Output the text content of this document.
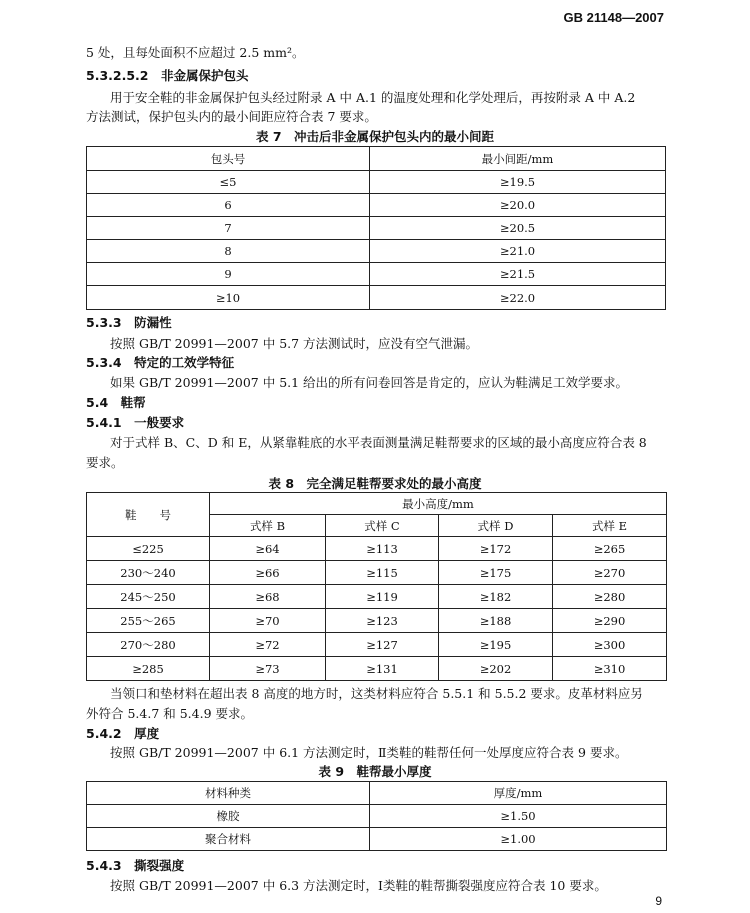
GB 21148—2007
5 处，且每处面积不应超过 2.5 mm²。
5.3.2.5.2　非金属保护包头
用于安全鞋的非金属保护包头经过附录 A 中 A.1 的温度处理和化学处理后，再按附录 A 中 A.2
方法测试，保护包头内的最小间距应符合表 7 要求。
表 7　冲击后非金属保护包头内的最小间距
包头号	最小间距/mm
≤5	≥19.5
6	≥20.0
7	≥20.5
8	≥21.0
9	≥21.5
≥10	≥22.0
5.3.3　防漏性
按照 GB/T 20991—2007 中 5.7 方法测试时，应没有空气泄漏。
5.3.4　特定的工效学特征
如果 GB/T 20991—2007 中 5.1 给出的所有问卷回答是肯定的，应认为鞋满足工效学要求。
5.4　鞋帮
5.4.1　一般要求
对于式样 B、C、D 和 E，从紧靠鞋底的水平表面测量满足鞋帮要求的区域的最小高度应符合表 8
要求。
表 8　完全满足鞋帮要求处的最小高度
鞋　　号	最小高度/mm			
	式样 B	式样 C	式样 D	式样 E
≤225	≥64	≥113	≥172	≥265
230～240	≥66	≥115	≥175	≥270
245～250	≥68	≥119	≥182	≥280
255～265	≥70	≥123	≥188	≥290
270～280	≥72	≥127	≥195	≥300
≥285	≥73	≥131	≥202	≥310
当领口和垫材料在超出表 8 高度的地方时，这类材料应符合 5.5.1 和 5.5.2 要求。皮革材料应另
外符合 5.4.7 和 5.4.9 要求。
5.4.2　厚度
按照 GB/T 20991—2007 中 6.1 方法测定时，Ⅱ类鞋的鞋帮任何一处厚度应符合表 9 要求。
表 9　鞋帮最小厚度
材料种类	厚度/mm
橡胶	≥1.50
聚合材料	≥1.00
5.4.3　撕裂强度
按照 GB/T 20991—2007 中 6.3 方法测定时，Ⅰ类鞋的鞋帮撕裂强度应符合表 10 要求。
9
